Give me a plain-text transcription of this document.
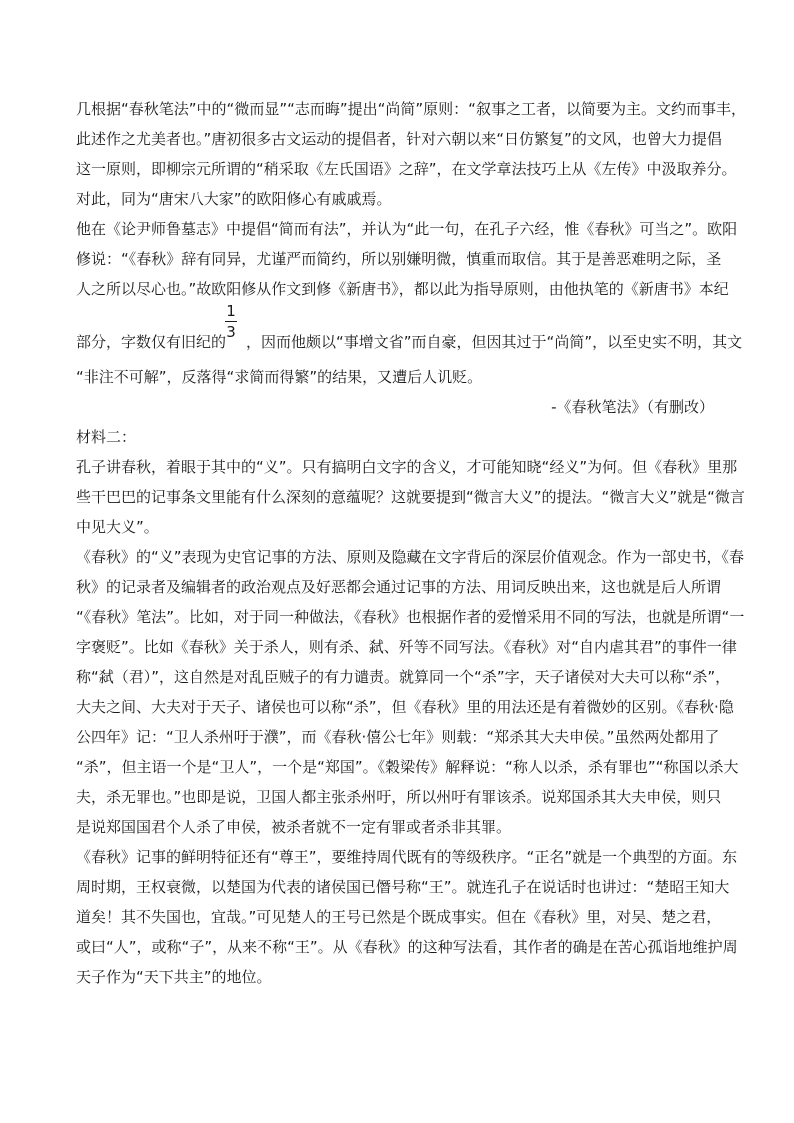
几根据“春秋笔法”中的“微而显”“志而晦”提出“尚简”原则：“叙事之工者，以简要为主。文约而事丰，
此述作之尤美者也。”唐初很多古文运动的提倡者，针对六朝以来“日仿繁复”的文风，也曾大力提倡
这一原则，即柳宗元所谓的“稍采取《左氏国语》之辞”，在文学章法技巧上从《左传》中汲取养分。
对此，同为“唐宋八大家”的欧阳修心有戚戚焉。
他在《论尹师鲁墓志》中提倡“简而有法”，并认为“此一句，在孔子六经，惟《春秋》可当之”。欧阳
修说：“《春秋》辞有同异，尤谨严而简约，所以别嫌明微，慎重而取信。其于是善恶难明之际，圣
人之所以尽心也。”故欧阳修从作文到修《新唐书》，都以此为指导原则，由他执笔的《新唐书》本纪
部分，字数仅有旧纪的 ，因而他颇以“事增文省”而自豪，但因其过于“尚简”，以至史实不明，其文
1
3
“非注不可解”，反落得“求简而得繁”的结果，又遭后人讥贬。
-《春秋笔法》（有删改）
材料二：
孔子讲春秋，着眼于其中的“义”。只有搞明白文字的含义，才可能知晓“经义”为何。但《春秋》里那
些干巴巴的记事条文里能有什么深刻的意蕴呢？这就要提到“微言大义”的提法。“微言大义”就是“微言
中见大义”。
《春秋》的“义”表现为史官记事的方法、原则及隐藏在文字背后的深层价值观念。作为一部史书，《春
秋》的记录者及编辑者的政治观点及好恶都会通过记事的方法、用词反映出来，这也就是后人所谓
“《春秋》笔法”。比如，对于同一种做法，《春秋》也根据作者的爱憎采用不同的写法，也就是所谓“一
字褒贬”。比如《春秋》关于杀人，则有杀、弑、歼等不同写法。《春秋》对“自内虐其君”的事件一律
称“弑（君）”，这自然是对乱臣贼子的有力谴责。就算同一个“杀”字，天子诸侯对大夫可以称“杀”，
大夫之间、大夫对于天子、诸侯也可以称“杀”，但《春秋》里的用法还是有着微妙的区别。《春秋·隐
公四年》记：“卫人杀州吁于濮”，而《春秋·僖公七年》则载：“郑杀其大夫申侯。”虽然两处都用了
“杀”，但主语一个是“卫人”，一个是“郑国”。《穀梁传》解释说：“称人以杀，杀有罪也”“称国以杀大
夫，杀无罪也。”也即是说，卫国人都主张杀州吁，所以州吁有罪该杀。说郑国杀其大夫申侯，则只
是说郑国国君个人杀了申侯，被杀者就不一定有罪或者杀非其罪。
《春秋》记事的鲜明特征还有“尊王”，要维持周代既有的等级秩序。“正名”就是一个典型的方面。东
周时期，王权衰微，以楚国为代表的诸侯国已僭号称“王”。就连孔子在说话时也讲过：“楚昭王知大
道矣！其不失国也，宜哉。”可见楚人的王号已然是个既成事实。但在《春秋》里，对吴、楚之君，
或曰“人”，或称“子”，从来不称“王”。从《春秋》的这种写法看，其作者的确是在苦心孤诣地维护周
天子作为“天下共主”的地位。
